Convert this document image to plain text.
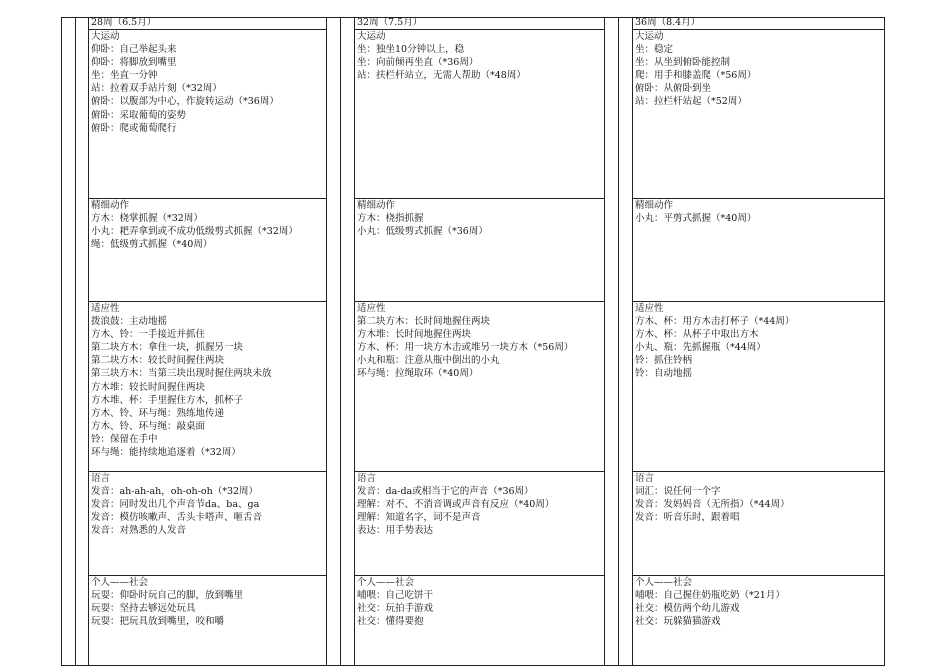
28周（6.5月）
大运动
仰卧：自己举起头来
仰卧：将脚放到嘴里
坐：坐直一分钟
站：拉着双手站片刻（*32周）
俯卧：以腹部为中心，作旋转运动（*36周）
俯卧：采取葡萄的姿势
俯卧：爬或葡萄爬行
精细动作
方木：桡掌抓握（*32周）
小丸：耙弄拿到或不成功低级剪式抓握（*32周）
绳：低级剪式抓握（*40周）
适应性
拨浪鼓：主动地摇
方木、铃：一手接近并抓住
第二块方木：拿住一块，抓握另一块
第二块方木：较长时间握住两块
第三块方木：当第三块出现时握住两块未放
方木堆：较长时间握住两块
方木堆、杯：手里握住方木，抓杯子
方木、铃、环与绳：熟练地传递
方木、铃、环与绳：敲桌面
铃：保留在手中
环与绳：能持续地追逐着（*32周）
语言
发音：ah-ah-ah，oh-oh-oh（*32周）
发音：同时发出几个声音节da、ba、ga
发音：模仿咳嗽声、舌头卡嗒声、咂舌音
发音：对熟悉的人发音
个人——社会
玩耍：仰卧时玩自己的脚，放到嘴里
玩耍：坚持去够远处玩具
玩耍：把玩具放到嘴里，咬和嚼
32周（7.5月）
大运动
坐：独坐10分钟以上，稳
坐：向前倾再坐直（*36周）
站：扶栏杆站立，无需人帮助（*48周）
精细动作
方木：桡指抓握
小丸：低级剪式抓握（*36周）
适应性
第二块方木：长时间地握住两块
方木堆：长时间地握住两块
方木、杯：用一块方木击或堆另一块方木（*56周）
小丸和瓶：注意从瓶中倒出的小丸
环与绳：拉绳取环（*40周）
语言
发音：da-da或相当于它的声音（*36周）
理解：对不、不消音调或声音有反应（*40周）
理解：知道名字，词不是声音
表达：用手势表达
个人——社会
哺喂：自己吃饼干
社交：玩拍手游戏
社交：懂得要抱
36周（8.4月）
大运动
坐：稳定
坐：从坐到俯卧能控制
爬：用手和膝盖爬（*56周）
俯卧：从俯卧到坐
站：拉栏杆站起（*52周）
精细动作
小丸：平剪式抓握（*40周）
适应性
方木、杯：用方木击打杯子（*44周）
方木、杯：从杯子中取出方木
小丸、瓶：先抓握瓶（*44周）
铃：抓住铃柄
铃：自动地摇
语言
词汇：说任何一个字
发音：发妈妈音（无所指）（*44周）
发音：听音乐时，跟着唱
个人——社会
哺喂：自己握住奶瓶吃奶（*21月）
社交：模仿两个幼儿游戏
社交：玩躲猫猫游戏
